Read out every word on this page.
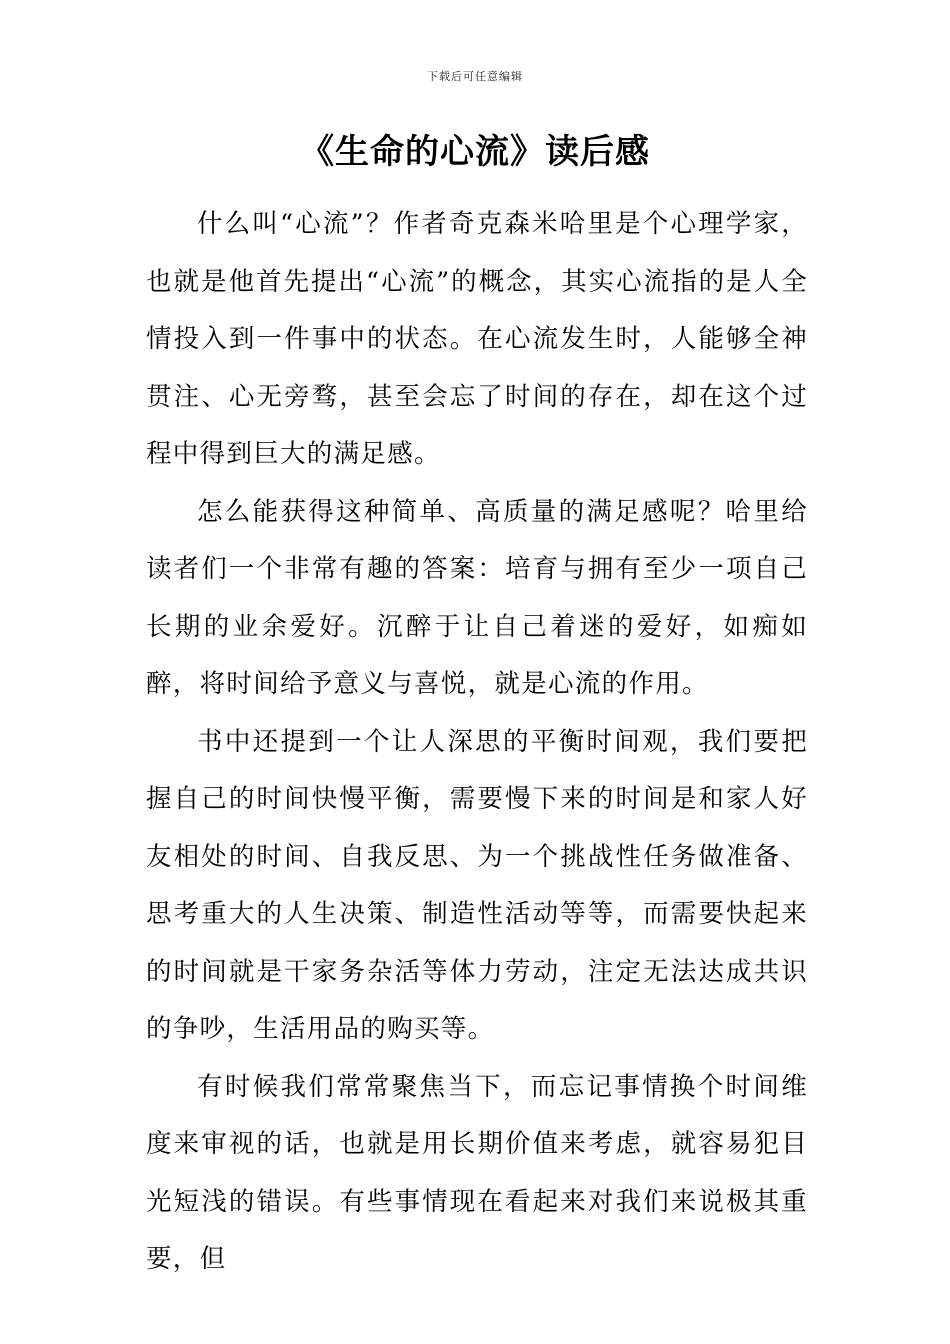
下载后可任意编辑
《生命的心流》读后感

什么叫“心流”？作者奇克森米哈里是个心理学家，也就是他首先提出“心流”的概念，其实心流指的是人全情投入到一件事中的状态。在心流发生时，人能够全神贯注、心无旁骛，甚至会忘了时间的存在，却在这个过程中得到巨大的满足感。

怎么能获得这种简单、高质量的满足感呢？哈里给读者们一个非常有趣的答案：培育与拥有至少一项自己长期的业余爱好。沉醉于让自己着迷的爱好，如痴如醉，将时间给予意义与喜悦，就是心流的作用。

书中还提到一个让人深思的平衡时间观，我们要把握自己的时间快慢平衡，需要慢下来的时间是和家人好友相处的时间、自我反思、为一个挑战性任务做准备、思考重大的人生决策、制造性活动等等，而需要快起来的时间就是干家务杂活等体力劳动，注定无法达成共识的争吵，生活用品的购买等。

有时候我们常常聚焦当下，而忘记事情换个时间维度来审视的话，也就是用长期价值来考虑，就容易犯目光短浅的错误。有些事情现在看起来对我们来说极其重要，但
